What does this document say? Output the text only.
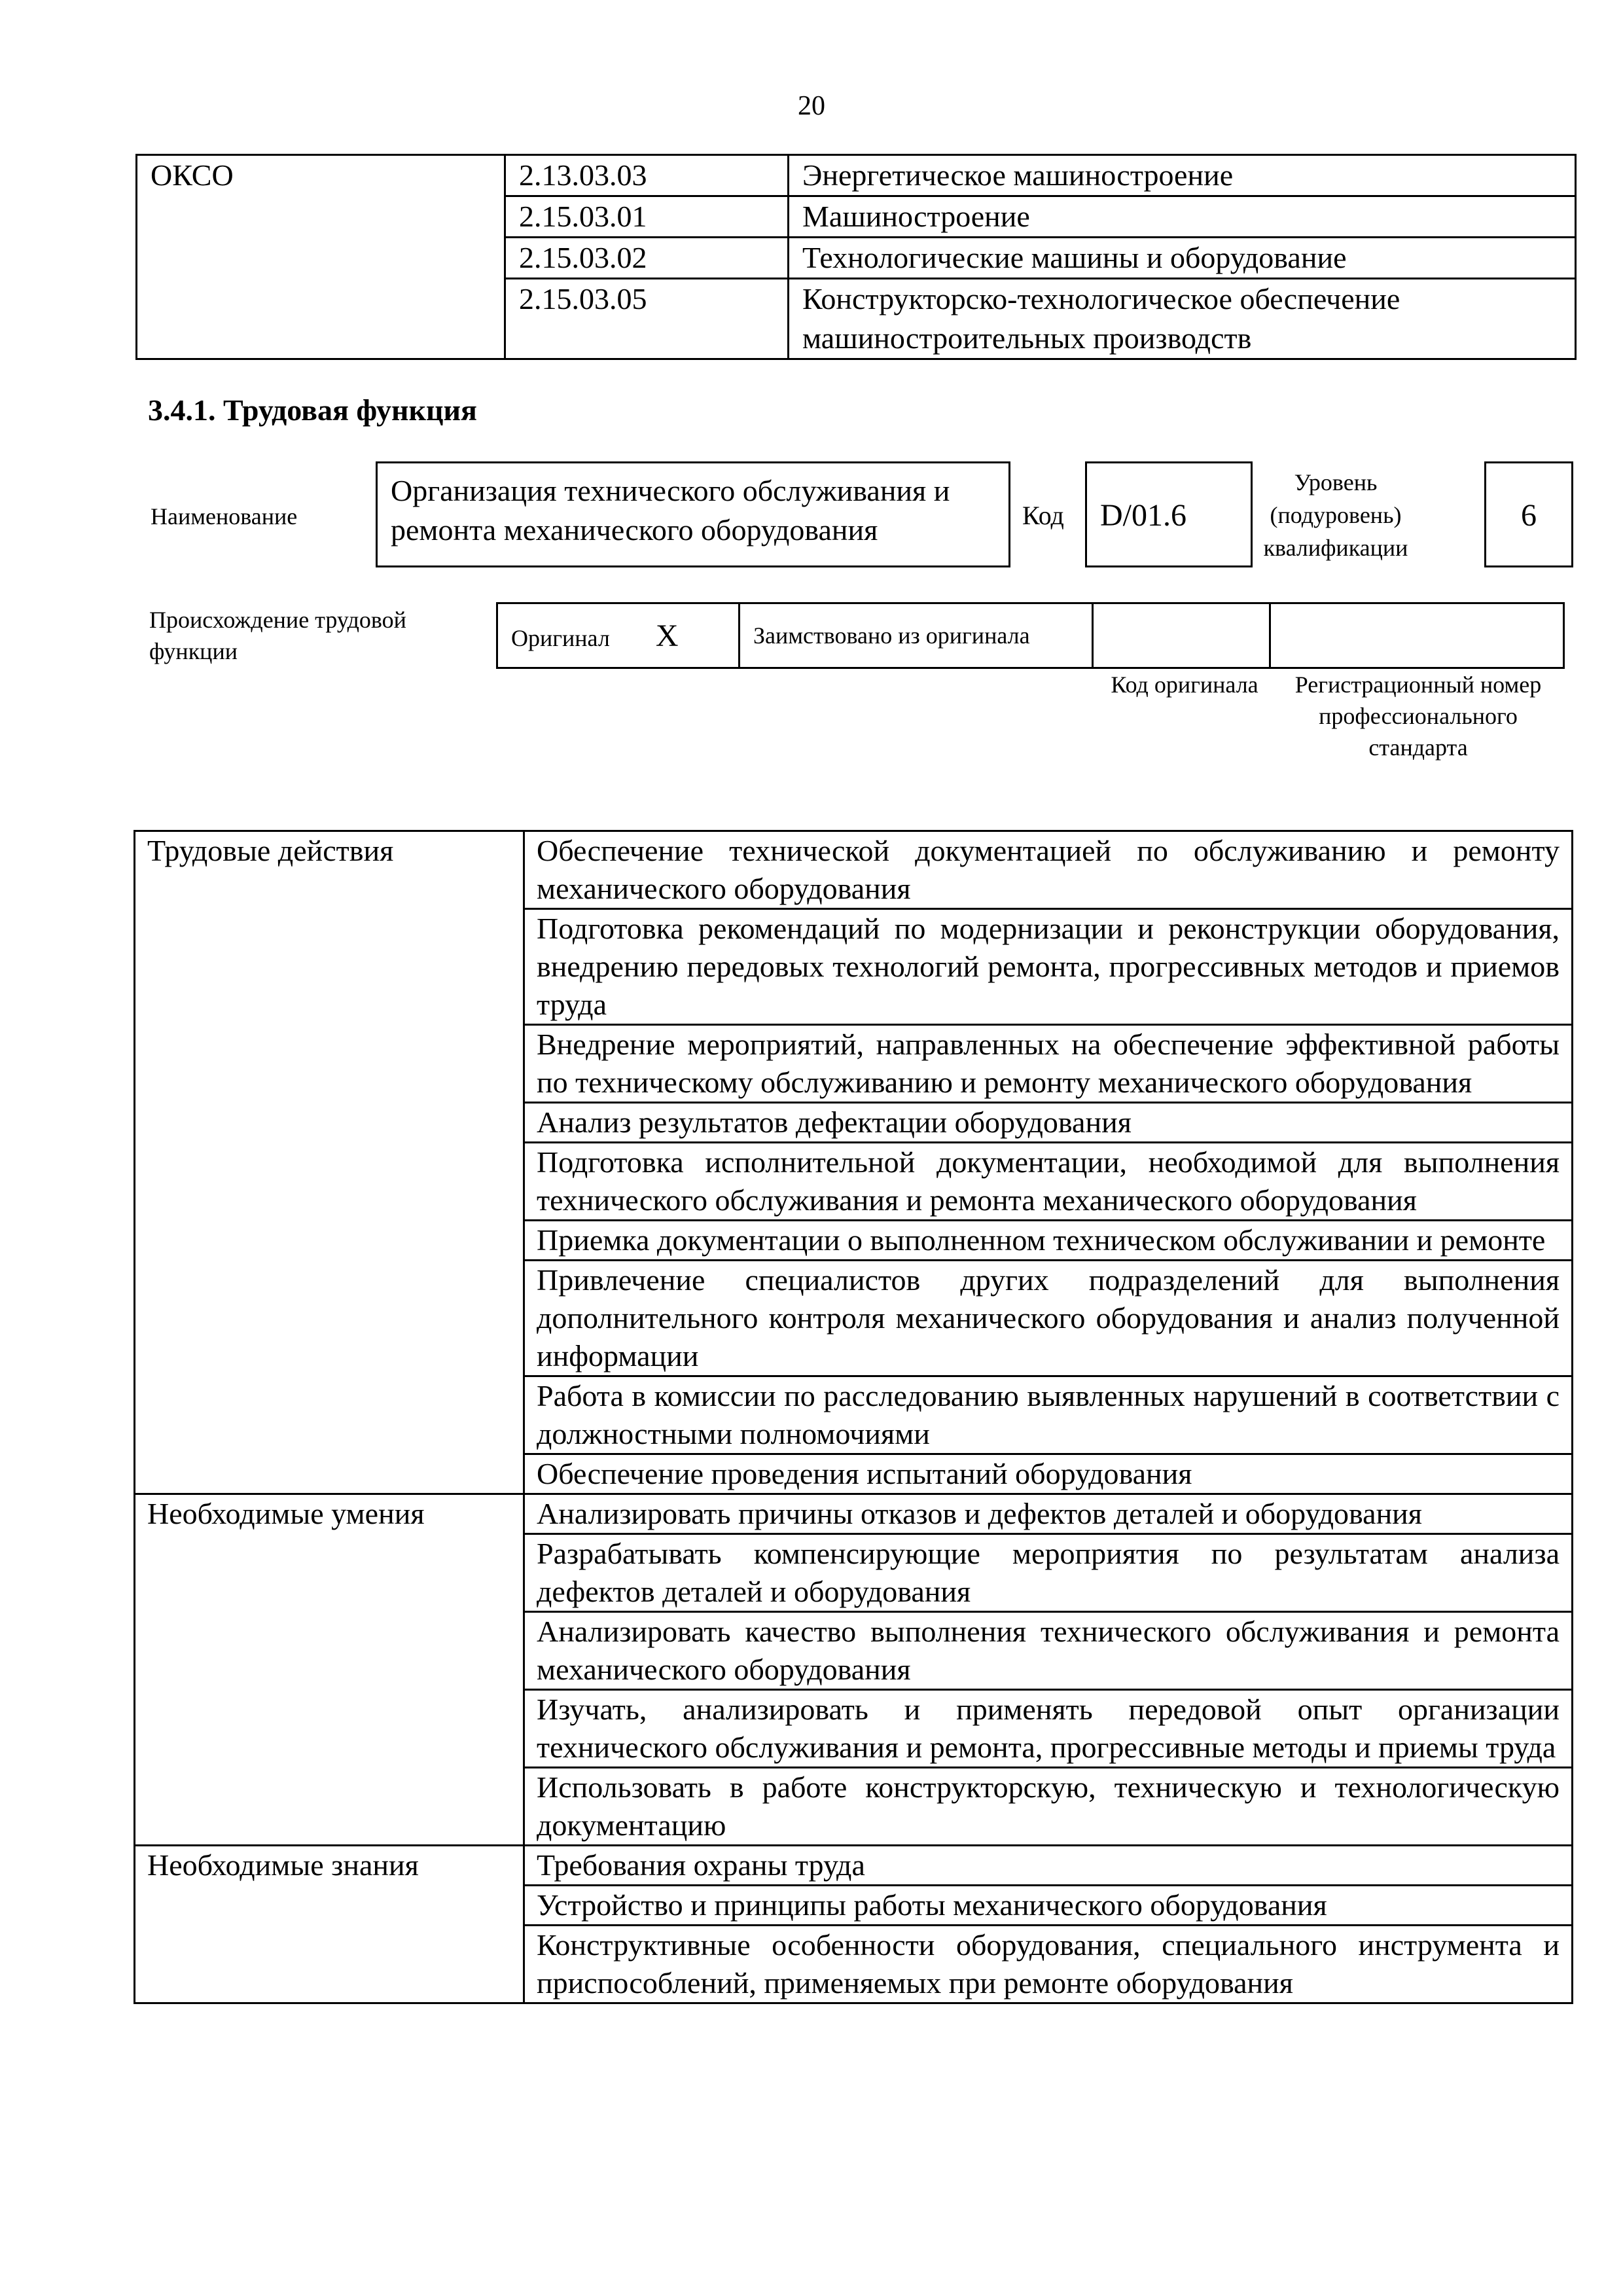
20
ОКСО	2.13.03.03	Энергетическое машиностроение
	2.15.03.01	Машиностроение
	2.15.03.02	Технологические машины и оборудование
	2.15.03.05	Конструкторско-технологическое обеспечение машиностроительных производств
3.4.1. Трудовая функция
Наименование
Организация технического обслуживания и ремонта механического оборудования	Код	D/01.6
Уровень (подуровень) квалификации
6
Происхождение трудовой функции
Оригинал X	Заимствовано из оригинала		
Код оригинала	Регистрационный номер профессионального стандарта
Трудовые действия	Обеспечение технической документацией по обслуживанию и ремонту механического оборудования
	Подготовка рекомендаций по модернизации и реконструкции оборудования, внедрению передовых технологий ремонта, прогрессивных методов и приемов труда
	Внедрение мероприятий, направленных на обеспечение эффективной работы по техническому обслуживанию и ремонту механического оборудования
	Анализ результатов дефектации оборудования
	Подготовка исполнительной документации, необходимой для выполнения технического обслуживания и ремонта механического оборудования
	Приемка документации о выполненном техническом обслуживании и ремонте
	Привлечение специалистов других подразделений для выполнения дополнительного контроля механического оборудования и анализ полученной информации
	Работа в комиссии по расследованию выявленных нарушений в соответствии с должностными полномочиями
	Обеспечение проведения испытаний оборудования
Необходимые умения	Анализировать причины отказов и дефектов деталей и оборудования
	Разрабатывать компенсирующие мероприятия по результатам анализа дефектов деталей и оборудования
	Анализировать качество выполнения технического обслуживания и ремонта механического оборудования
	Изучать, анализировать и применять передовой опыт организации технического обслуживания и ремонта, прогрессивные методы и приемы труда
	Использовать в работе конструкторскую, техническую и технологическую документацию
Необходимые знания	Требования охраны труда
	Устройство и принципы работы механического оборудования
	Конструктивные особенности оборудования, специального инструмента и приспособлений, применяемых при ремонте оборудования
